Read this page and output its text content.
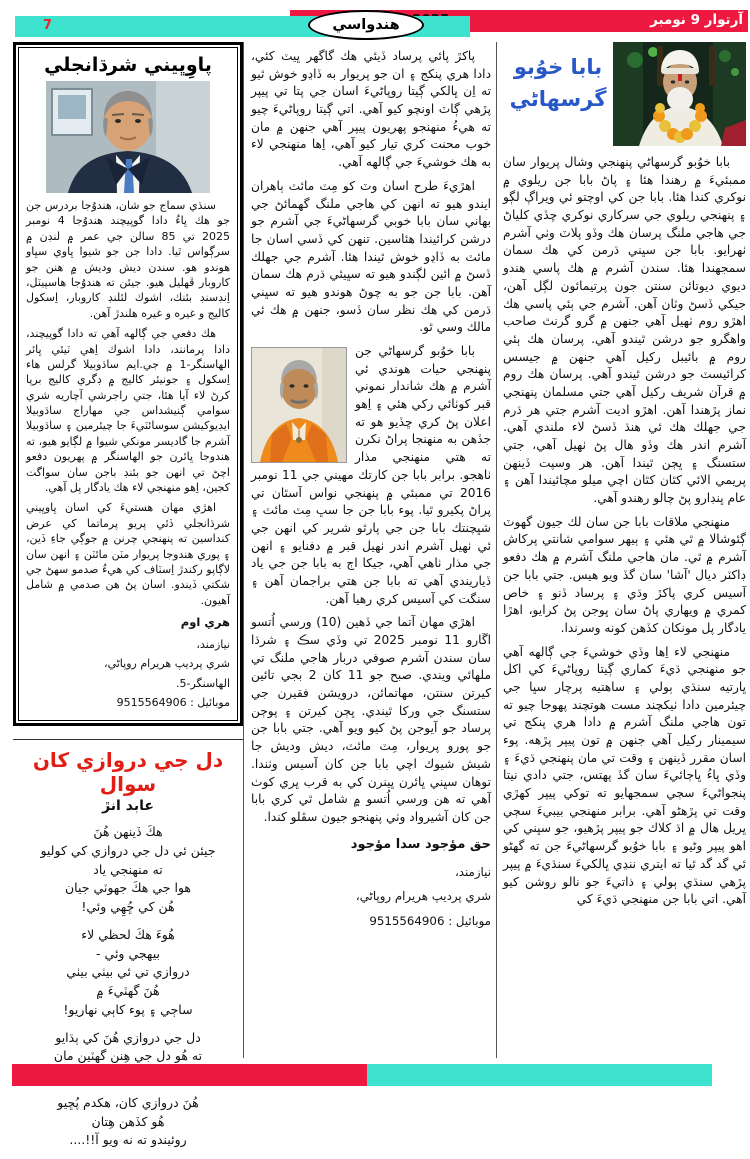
آرتوار 9 نومبر
7	هندواسي
پاوِڀيني شرڌانجلي

سنڌي سماج جو شان، هندوُجا بردرس جن جو هك ڀاءُ دادا گوپيچند هندوُجا 4 نومبر 2025 تي 85 سالن جي عمر ۾ لنڊن ۾ سرڳواس ٿيا. دادا جن جو شيوا ڀاوي سڀاو هوندو هو. سندن ديش وديش ۾ هنن جو كاروبار ڦهليل هيو. جيئن ته هندوُجا هاسپيٽل، اِنڊسنڊ بئنك، اشوك لئلنڊ كاروبار، اِسكول كاليج و غيره و غيره هلندڙ آهن.

هك دفعي جي ڳالهه آهي ته دادا گوپيچند، دادا پرمانند، دادا اشوك اِهي ٽيئي ڀائر الهاسنگر-1 ۾ جي.ايم ساڌوبيلا گرلس هاء اِسكول ۽ جونيئر كاليج ۾ ڊگري كاليج برپا كرڻ لاء آيا هئا، جتي راجرشي آچاريه شري سوامي ڳنيشداس جي مهاراج ساڌوبيلا ايڊيوكيشن سوسائٽيءَ جا چيئرمين ۽ ساڌوبيلا آشرم جا گاديسر مونكي شيوا ۾ لڳايو هيو، ته هندوجا ڀائرن جو الهاسنگر ۾ پهريون دفعو اچڻ تي انهن جو بئنڊ باجن سان سواگت كجين، اِهو منهنجي لاء هك يادگار پل آهي.

اهڙي مهان هستيءَ كي اسان ڀاوڀيني شرڌانجلي ڏئي پريو پرماتما كي عرض كنداسين ته پنهنجي چرنن ۾ جوڳي جاءِ ڏين، ۽ پوري هندوجا پريوار مٽن مائٽن ۽ انهن سان لاڳاپو ركندڙ اِسٽاف كي هيءُ صدمو سهڻ جي شكتي ڏيندو. اسان پڻ هن صدمي ۾ شامل آهيون.

هري اوم
نيازمند،
شري پرديپ هريرام روپاڻي،
الهاسنگر-5.
موبائيل : 9515564906
دل جي دروازي كان سوال
عابد انڙ
هكَ ڏينهن هُنَ
جيئن ئي دل جي دروازي كي كوليو
ته منهنجي ياد
هوا جي هكَ جهوٽي جيان
هُن كي ڇُهِي وئي!
هُوءَ هكَ لحظي لاء
بيهجي وئي -
دروازي تي ئي بيٺي بيٺي
هُنَ گهٽيءَ ۾
ساڄي ۽ پوء كاٻي نهاريو!
دل جي دروازي هُنَ كي ٻڌايو
ته هُو دل جي هِنن گهٽين مان
هُنَ دروازي كان، هكدم پُڇيو
هُو كڏهن هِتان
روئيندو ته نه ويو آ!!....

پاكڙ پائي پرساد ڏيئي هك گاگهر ڀيٽ كئي، دادا هري پنكج ۽ ان جو پريوار به ڏاڍو خوش ٿيو ته اِن ڀالكي ڳيتا روپاڻيءَ اسان جي پتا تي پيپر پڙهي ڳاٽ اونچو كيو آهي. اتي ڳيتا روپاڻيءَ چيو ته هيءُ منهنجو پهريون پيپر آهي جنهن ۾ مان خوب محنت كري تيار كيو آهي، اِها منهنجي لاء به هك خوشيءَ جي ڳالهه آهي.

اهڙيءَ طرح اسان وٽ كو مِٽ مائٽ ٻاهران ايندو هيو ته انهن كي هاجي ملنگ گهمائڻ جي بهاني سان بابا خوبي گرسهاٹيءَ جي آشرم جو درشن كرائيندا هئاسين. تنهن كي ڏسي اسان جا مائٽ به ڏاڍو خوش ٿيندا هئا. آشرم جي جهلك ڏسڻ ۾ ائين لڳندو هيو ته سڀيئي ڌرم هك سمان آهن. بابا جن جو به چوڻ هوندو هيو ته سڀني ڌرمن كي هك نظر سان ڏسو، جنهن ۾ هك ئي مالك وسي ٿو.

بابا خوُبو گرسهاٹي جن پنهنجي حيات هوندي ئي آشرم ۾ هك شاندار نموني قبر كوٺائي ركي هئي ۽ اِهو اعلان پڻ كري ڇڏيو هو ته جڏهن به منهنجا پراڻ نكرن ته هتي منهنجي مذار ٺاهجو. برابر بابا جن كارتك مهيني جي 11 نومبر 2016 تي ممبئي ۾ پنهنجي نواس آسٿان تي پراڻ پكيرو ٿيا. پوء بابا جن جا سڀ مِٽ مائٽ ۽ شڀچنتك بابا جن جي پارٿو شرير كي انهن جي ئي ٺهيل آشرم اندر ٺهيل قبر ۾ دفنايو ۽ انهن جي مذار ٺاهي آهي، جيكا اڄ به بابا جن جي ياد ڏياريندي آهي ته بابا جن هتي براجمان آهن ۽ سنگت كي آسيس كري رهيا آهن.

اهڙي مهان آتما جي ڏهين (10) ورسي اُتسو اڱارو 11 نومبر 2025 تي وڏي سڪ ۽ شرڌا سان سندن آشرم صوفي دربار هاجي ملنگ تي ملهائي ويندي. صبح جو 11 كان 2 بجي تائين كيرتن سنتن، مهاتمائن، درويشن فقيرن جي ستسنگ جي وركا ٿيندي. ڀڄن كيرتن ۽ پوڄن پرساد جو آيوجن پڻ كيو ويو آهي. جتي بابا جن جو پورو پريوار، مِٽ مائٽ، ديش وديش جا شيش شيوك اچي بابا جن كان آسيس وٺندا. توهان سڀني ڀائرن ڀينرن كي به قرب ڀري كوٺ آهي ته هن ورسي اُتسو ۾ شامل ٿي كري بابا جن كان آشيرواد وٺي پنهنجو جيون سڦلو كندا.

حق مؤجود سدا مؤجود
نيازمند،
شري پرديپ هريرام روپاڻي،
موبائيل : 9515564906
بابا خوُبو
گرسهاٹي

بابا خوُبو گرسهاٹي پنهنجي وشال پريوار سان ممبئيءَ ۾ رهندا هئا ۽ پاڻ بابا جن ريلوي ۾ نوكري كندا هئا. بابا جن كي اوچتو ئي ويراڳ لڳو ۽ پنهنجي ريلوي جي سركاري نوكري ڇڏي كلياڻ جي هاجي ملنگ پرسان هك وڏو پلاٽ وٺي آشرم ٺهرايو. بابا جن سڀني ڌرمن كي هك سمان سمجهندا هئا. سندن آشرم ۾ هك پاسي هندو ديوي ديوتائن سنتن جون پرتيمائون لڳل آهن، جيكي ڏسڻ وٽان آهن. آشرم جي ٻئي پاسي هك اهڙو روم ٺهيل آهي جنهن ۾ گرو گرنٿ صاحب واهگرو جو درشن ٿيندو آهي. پرسان هك ٻئي روم ۾ بائيبل ركيل آهي جنهن ۾ جيسس كرائيسٽ جو درشن ٿيندو آهي. پرسان هك روم ۾ قرآن شريف ركيل آهي جتي مسلمان پنهنجي نماز پڙهندا آهن. اهڙو اديت آشرم جتي هر ڌرم جي جهلك هك ئي هنڌ ڏسڻ لاء ملندي آهي. آشرم اندر هك وڏو هال پڻ ٺهيل آهي، جتي ستسنگ ۽ ڀڄن ٿيندا آهن. هر وسپت ڏينهن پريمي الائي كٿان كٿان اچي ميلو مچائيندا آهن ۽ عام ڀنڊارو پڻ چالو رهندو آهي.

منهنجي ملاقات بابا جن سان لك جيون گهوٽ ڳئوشالا ۾ ٿي هئي ۽ ٻيهر سوامي شانتي پركاش آشرم ۾ ٿي. مان هاجي ملنگ آشرم ۾ هك دفعو ڊاكٽر ديال 'آشا' سان گڏ ويو هيس. جتي بابا جن آسيس كري پاكڙ وڌي ۽ پرساد ڏنو ۽ خاص كمري ۾ ويهاري پاڻ سان ڀوجن پڻ كرايو، اهڙا يادگار پل مونكان كڏهن كونه وسرندا.

منهنجي لاء اِها وڏي خوشيءَ جي ڳالهه آهي جو منهنجي ڌيءَ كماري ڳيتا روپاڻيءَ كي اكل ڀارتيه سنڌي ٻولي ۽ ساهتيه پرچار سڀا جي چيئرمين دادا ٺيكچند مست هوتچند پهوجا چيو ته تون هاجي ملنگ آشرم ۾ دادا هري پنكج تي سيمينار ركيل آهي جنهن ۾ تون پيپر پڙهه. پوء اسان مقرر ڏينهن ۽ وقت تي مان پنهنجي ڌيءَ ۽ وڏي ڀاءُ ڀاڄائيءَ سان گڏ پهتس، جتي دادي نيتا پنجواڻيءَ سڄي سمجهايو ته توكي پيپر كهڙي وقت تي پڙهڻو آهي. برابر منهنجي بيبيءَ سڄي ڀريل هال ۾ اڌ كلاك جو پيپر پڙهيو، جو سڀني كي اهو پيپر وڻيو ۽ بابا خوُبو گرسهاٹيءَ جن ته گهڻو ئي گد گد ٿيا ته ايتري ننڍي ڀالكيءَ سنڌيءَ ۾ پيپر پڙهي سنڌي ٻولي ۽ ذاتيءَ جو نالو روشن كيو آهي. اتي بابا جن منهنجي ڌيءَ كي
